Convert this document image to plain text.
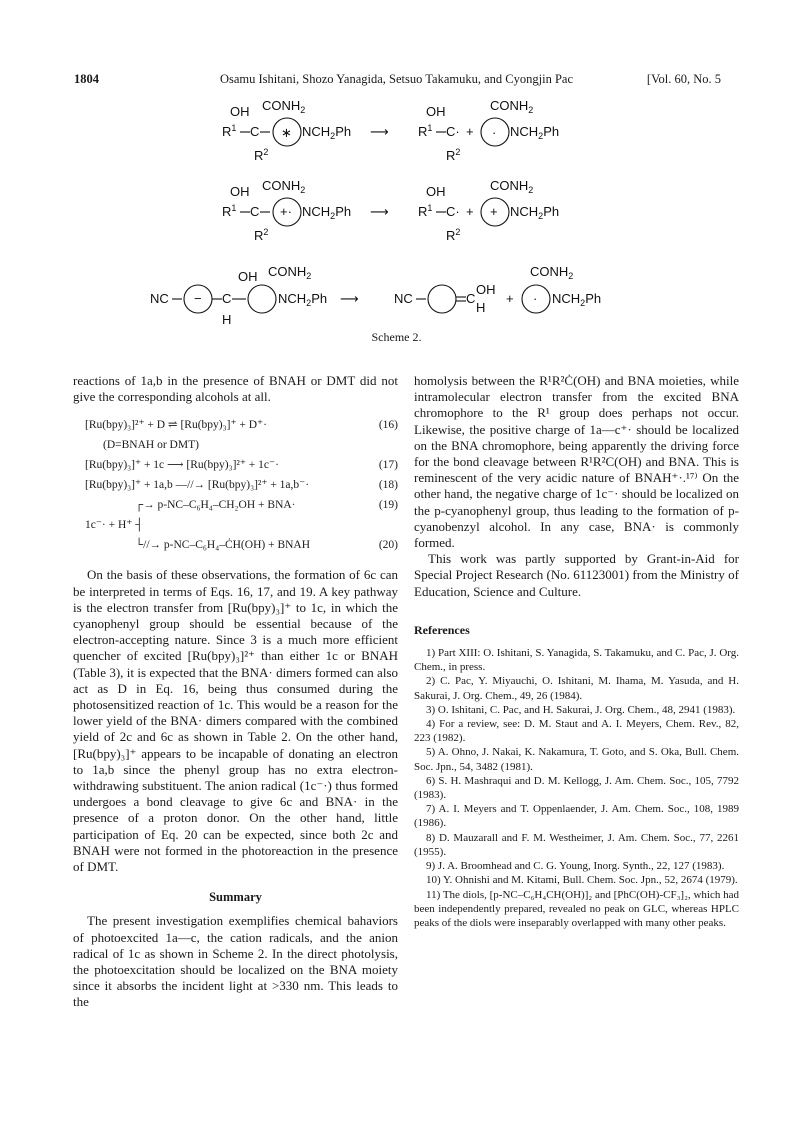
1804	Osamu Ishitani, Shozo Yanagida, Setsuo Takamuku, and Cyongjin Pac	[Vol. 60, No. 5
OH $CONH_2$
$R^1$ C ∗ $NCH_2Ph$
$R^2$
⟶
OH
$R^1$ C·
$R^2$
+
$CONH_2$
· $NCH_2Ph$
OH $CONH_2$
$R^1$ $C +\cdot NCH_2Ph$
$R^2$
⟶
OH
$R^1$ C·
$R^2$
+
$CONH_2$
+ $NCH_2Ph$
NC −
OH
C
H
$CONH_2$
$NCH_2Ph$ ⟶	NC	C
OH
H
+
$CONH_2$
· $NCH_2Ph$
Scheme 2.

reactions of 1a,b in the presence of BNAH or DMT did not give the corresponding alcohols at all.

[Ru(bpy)₃]²⁺ + D ⇌ [Ru(bpy)₃]⁺ + D⁺·	(16)
(D=BNAH or DMT)
[Ru(bpy)₃]⁺ + 1c ⟶ [Ru(bpy)₃]²⁺ + 1c⁻·	(17)
[Ru(bpy)₃]⁺ + 1a,b —//→ [Ru(bpy)₃]²⁺ + 1a,b⁻·	(18)
┌→ p-NC–C₆H₄–CH₂OH + BNA·	(19)
1c⁻· + H⁺ ┤
└//→ p-NC–C₆H₄–ĊH(OH) + BNAH	(20)

On the basis of these observations, the formation of 6c can be interpreted in terms of Eqs. 16, 17, and 19. A key pathway is the electron transfer from [Ru(bpy)₃]⁺ to 1c, in which the cyanophenyl group should be essential because of the electron-accepting nature. Since 3 is a much more efficient quencher of excited [Ru(bpy)₃]²⁺ than either 1c or BNAH (Table 3), it is expected that the BNA· dimers formed can also act as D in Eq. 16, being thus consumed during the photosensitized reaction of 1c. This would be a reason for the lower yield of the BNA· dimers compared with the combined yield of 2c and 6c as shown in Table 2. On the other hand, [Ru(bpy)₃]⁺ appears to be incapable of donating an electron to 1a,b since the phenyl group has no extra electron-withdrawing substituent. The anion radical (1c⁻·) thus formed undergoes a bond cleavage to give 6c and BNA· in the presence of a proton donor. On the other hand, little participation of Eq. 20 can be expected, since both 2c and BNAH were not formed in the photoreaction in the presence of DMT.

Summary

The present investigation exemplifies chemical bahaviors of photoexcited 1a—c, the cation radicals, and the anion radical of 1c as shown in Scheme 2. In the direct photolysis, the photoexcitation should be localized on the BNA moiety since it absorbs the incident light at >330 nm. This leads to the

homolysis between the R¹R²Ċ(OH) and BNA moieties, while intramolecular electron transfer from the excited BNA chromophore to the R¹ group does perhaps not occur. Likewise, the positive charge of 1a—c⁺· should be localized on the BNA chromophore, being apparently the driving force for the bond cleavage between R¹R²C(OH) and BNA. This is reminescent of the very acidic nature of BNAH⁺·.¹⁷⁾ On the other hand, the negative charge of 1c⁻· should be localized on the p-cyanophenyl group, thus leading to the formation of p-cyanobenzyl alcohol. In any case, BNA· is commonly formed.

This work was partly supported by Grant-in-Aid for Special Project Research (No. 61123001) from the Ministry of Education, Science and Culture.

References

1) Part XIII: O. Ishitani, S. Yanagida, S. Takamuku, and C. Pac, J. Org. Chem., in press.

2) C. Pac, Y. Miyauchi, O. Ishitani, M. Ihama, M. Yasuda, and H. Sakurai, J. Org. Chem., 49, 26 (1984).

3) O. Ishitani, C. Pac, and H. Sakurai, J. Org. Chem., 48, 2941 (1983).

4) For a review, see: D. M. Staut and A. I. Meyers, Chem. Rev., 82, 223 (1982).

5) A. Ohno, J. Nakai, K. Nakamura, T. Goto, and S. Oka, Bull. Chem. Soc. Jpn., 54, 3482 (1981).

6) S. H. Mashraqui and D. M. Kellogg, J. Am. Chem. Soc., 105, 7792 (1983).

7) A. I. Meyers and T. Oppenlaender, J. Am. Chem. Soc., 108, 1989 (1986).

8) D. Mauzarall and F. M. Westheimer, J. Am. Chem. Soc., 77, 2261 (1955).

9) J. A. Broomhead and C. G. Young, Inorg. Synth., 22, 127 (1983).

10) Y. Ohnishi and M. Kitami, Bull. Chem. Soc. Jpn., 52, 2674 (1979).

11) The diols, [p-NC–C₆H₄CH(OH)]₂ and [PhC(OH)-CF₃]₂, which had been independently prepared, revealed no peak on GLC, whereas HPLC peaks of the diols were inseparably overlapped with many other peaks.
